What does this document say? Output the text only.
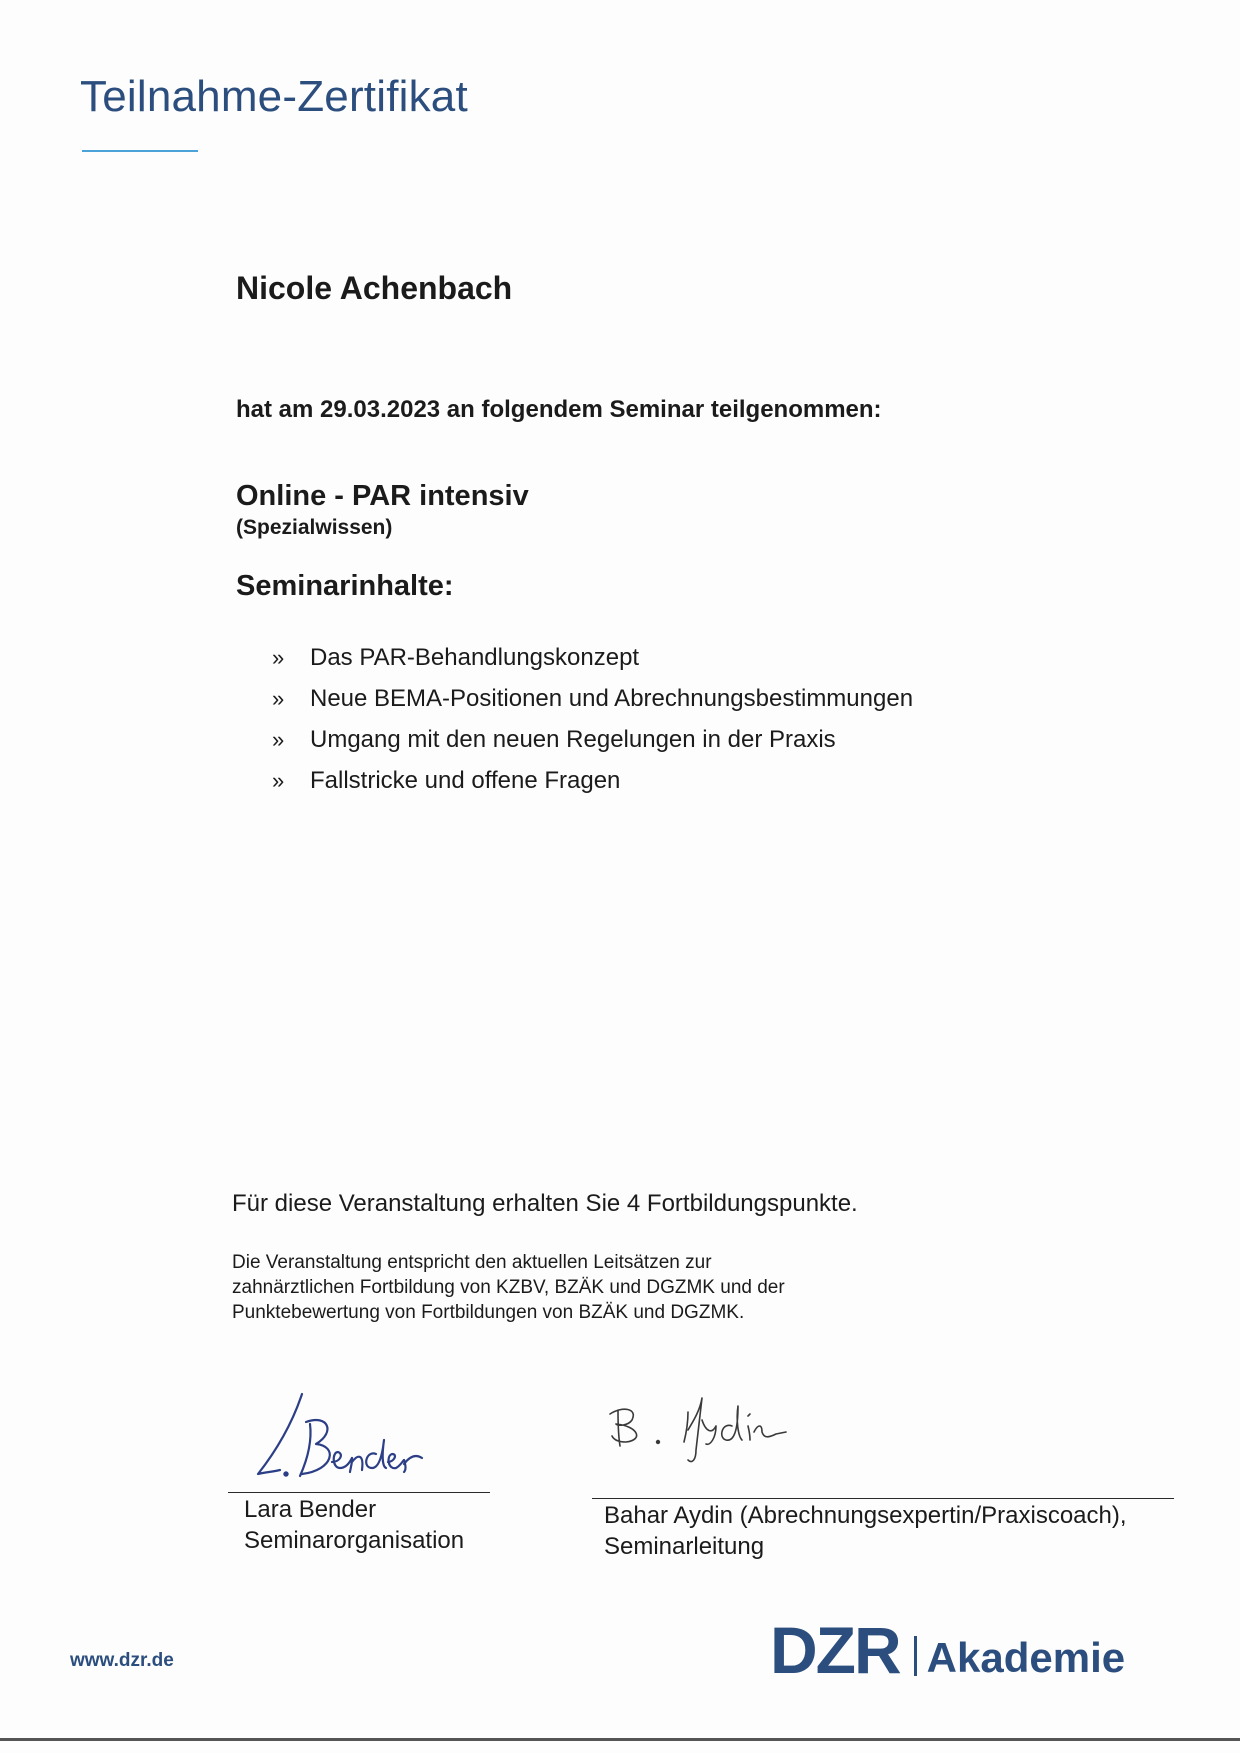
Teilnahme-Zertifikat
Nicole Achenbach
hat am 29.03.2023 an folgendem Seminar teilgenommen:
Online - PAR intensiv
(Spezialwissen)
Seminarinhalte:
»	Das PAR-Behandlungskonzept
»	Neue BEMA-Positionen und Abrechnungsbestimmungen
»	Umgang mit den neuen Regelungen in der Praxis
»	Fallstricke und offene Fragen
Für diese Veranstaltung erhalten Sie 4 Fortbildungspunkte.
Die Veranstaltung entspricht den aktuellen Leitsätzen zur
zahnärztlichen Fortbildung von KZBV, BZÄK und DGZMK und der
Punktebewertung von Fortbildungen von BZÄK und DGZMK.
Lara Bender
Seminarorganisation
Bahar Aydin (Abrechnungsexpertin/Praxiscoach),
Seminarleitung
www.dzr.de	DZR Akademie
